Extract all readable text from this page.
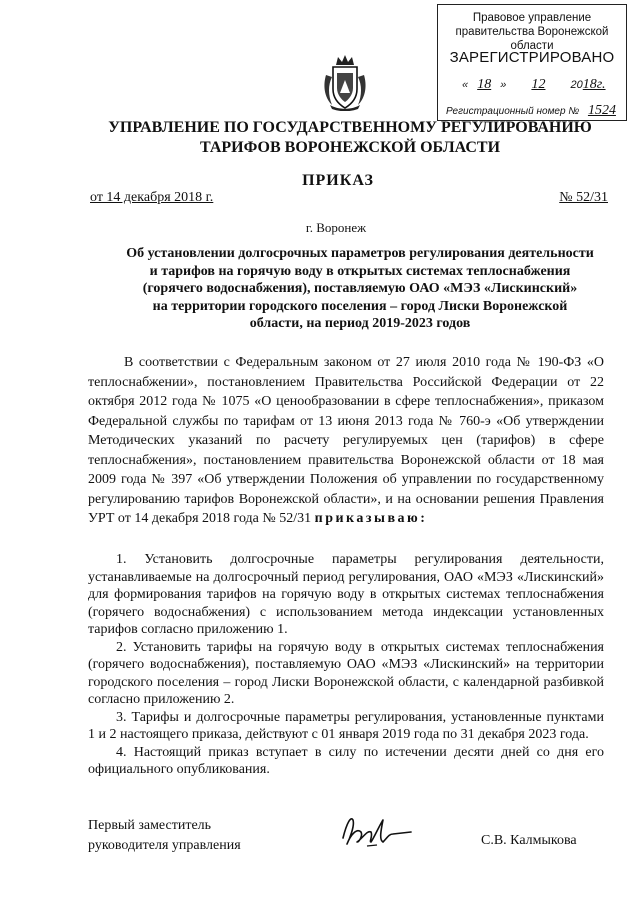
Правовое управление правительства Воронежской области
ЗАРЕГИСТРИРОВАНО
« 18 » 12 2018г.
Регистрационный номер № 1524
УПРАВЛЕНИЕ ПО ГОСУДАРСТВЕННОМУ РЕГУЛИРОВАНИЮ
ТАРИФОВ ВОРОНЕЖСКОЙ ОБЛАСТИ
ПРИКАЗ
от 14 декабря 2018 г.	№ 52/31
г. Воронеж
Об установлении долгосрочных параметров регулирования деятельности
и тарифов на горячую воду в открытых системах теплоснабжения
(горячего водоснабжения), поставляемую ОАО «МЭЗ «Лискинский»
на территории городского поселения – город Лиски Воронежской
области, на период 2019-2023 годов
В соответствии с Федеральным законом от 27 июля 2010 года № 190-ФЗ «О теплоснабжении», постановлением Правительства Российской Федерации от 22 октября 2012 года № 1075 «О ценообразовании в сфере теплоснабжения», приказом Федеральной службы по тарифам от 13 июня 2013 года № 760-э «Об утверждении Методических указаний по расчету регулируемых цен (тарифов) в сфере теплоснабжения», постановлением правительства Воронежской области от 18 мая 2009 года № 397 «Об утверждении Положения об управлении по государственному регулированию тарифов Воронежской области», и на основании решения Правления УРТ от 14 декабря 2018 года № 52/31 приказываю:

1. Установить долгосрочные параметры регулирования деятельности, устанавливаемые на долгосрочный период регулирования, ОАО «МЭЗ «Лискинский» для формирования тарифов на горячую воду в открытых системах теплоснабжения (горячего водоснабжения) с использованием метода индексации установленных тарифов согласно приложению 1.

2. Установить тарифы на горячую воду в открытых системах теплоснабжения (горячего водоснабжения), поставляемую ОАО «МЭЗ «Лискинский» на территории городского поселения – город Лиски Воронежской области, с календарной разбивкой согласно приложению 2.

3. Тарифы и долгосрочные параметры регулирования, установленные пунктами 1 и 2 настоящего приказа, действуют с 01 января 2019 года по 31 декабря 2023 года.

4. Настоящий приказ вступает в силу по истечении десяти дней со дня его официального опубликования.

Первый заместитель
руководителя управления	С.В. Калмыкова
